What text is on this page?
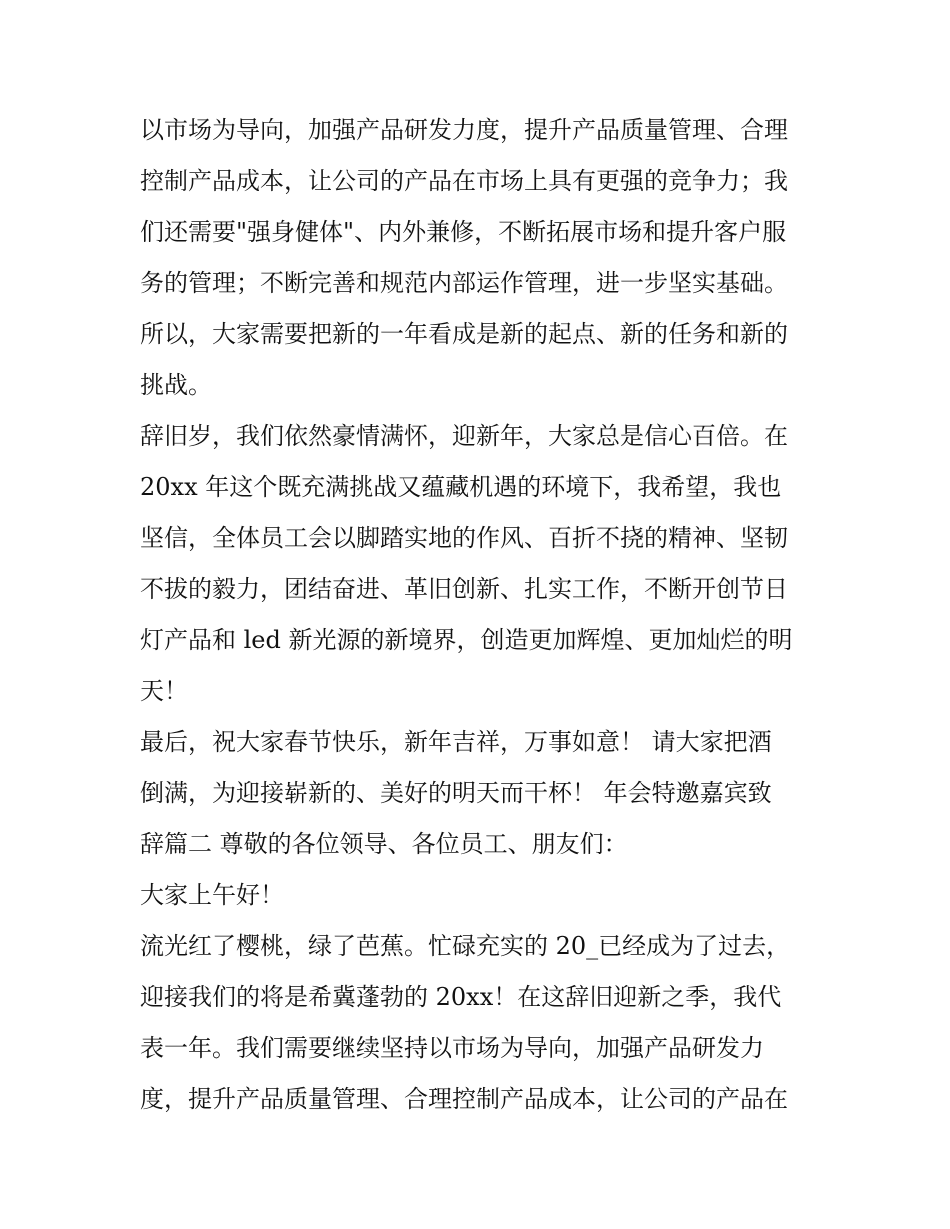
以市场为导向，加强产品研发力度，提升产品质量管理、合理
控制产品成本，让公司的产品在市场上具有更强的竞争力；我
们还需要"强身健体"、内外兼修，不断拓展市场和提升客户服
务的管理；不断完善和规范内部运作管理，进一步坚实基础。
所以，大家需要把新的一年看成是新的起点、新的任务和新的
挑战。
辞旧岁，我们依然豪情满怀，迎新年，大家总是信心百倍。在
20xx 年这个既充满挑战又蕴藏机遇的环境下，我希望，我也
坚信，全体员工会以脚踏实地的作风、百折不挠的精神、坚韧
不拔的毅力，团结奋进、革旧创新、扎实工作，不断开创节日
灯产品和 led 新光源的新境界，创造更加辉煌、更加灿烂的明
天！
最后，祝大家春节快乐，新年吉祥，万事如意！ 请大家把酒
倒满，为迎接崭新的、美好的明天而干杯！ 年会特邀嘉宾致
辞篇二 尊敬的各位领导、各位员工、朋友们：
大家上午好！
流光红了樱桃，绿了芭蕉。忙碌充实的 20_已经成为了过去，
迎接我们的将是希冀蓬勃的 20xx！在这辞旧迎新之季，我代
表一年。我们需要继续坚持以市场为导向，加强产品研发力
度，提升产品质量管理、合理控制产品成本，让公司的产品在
